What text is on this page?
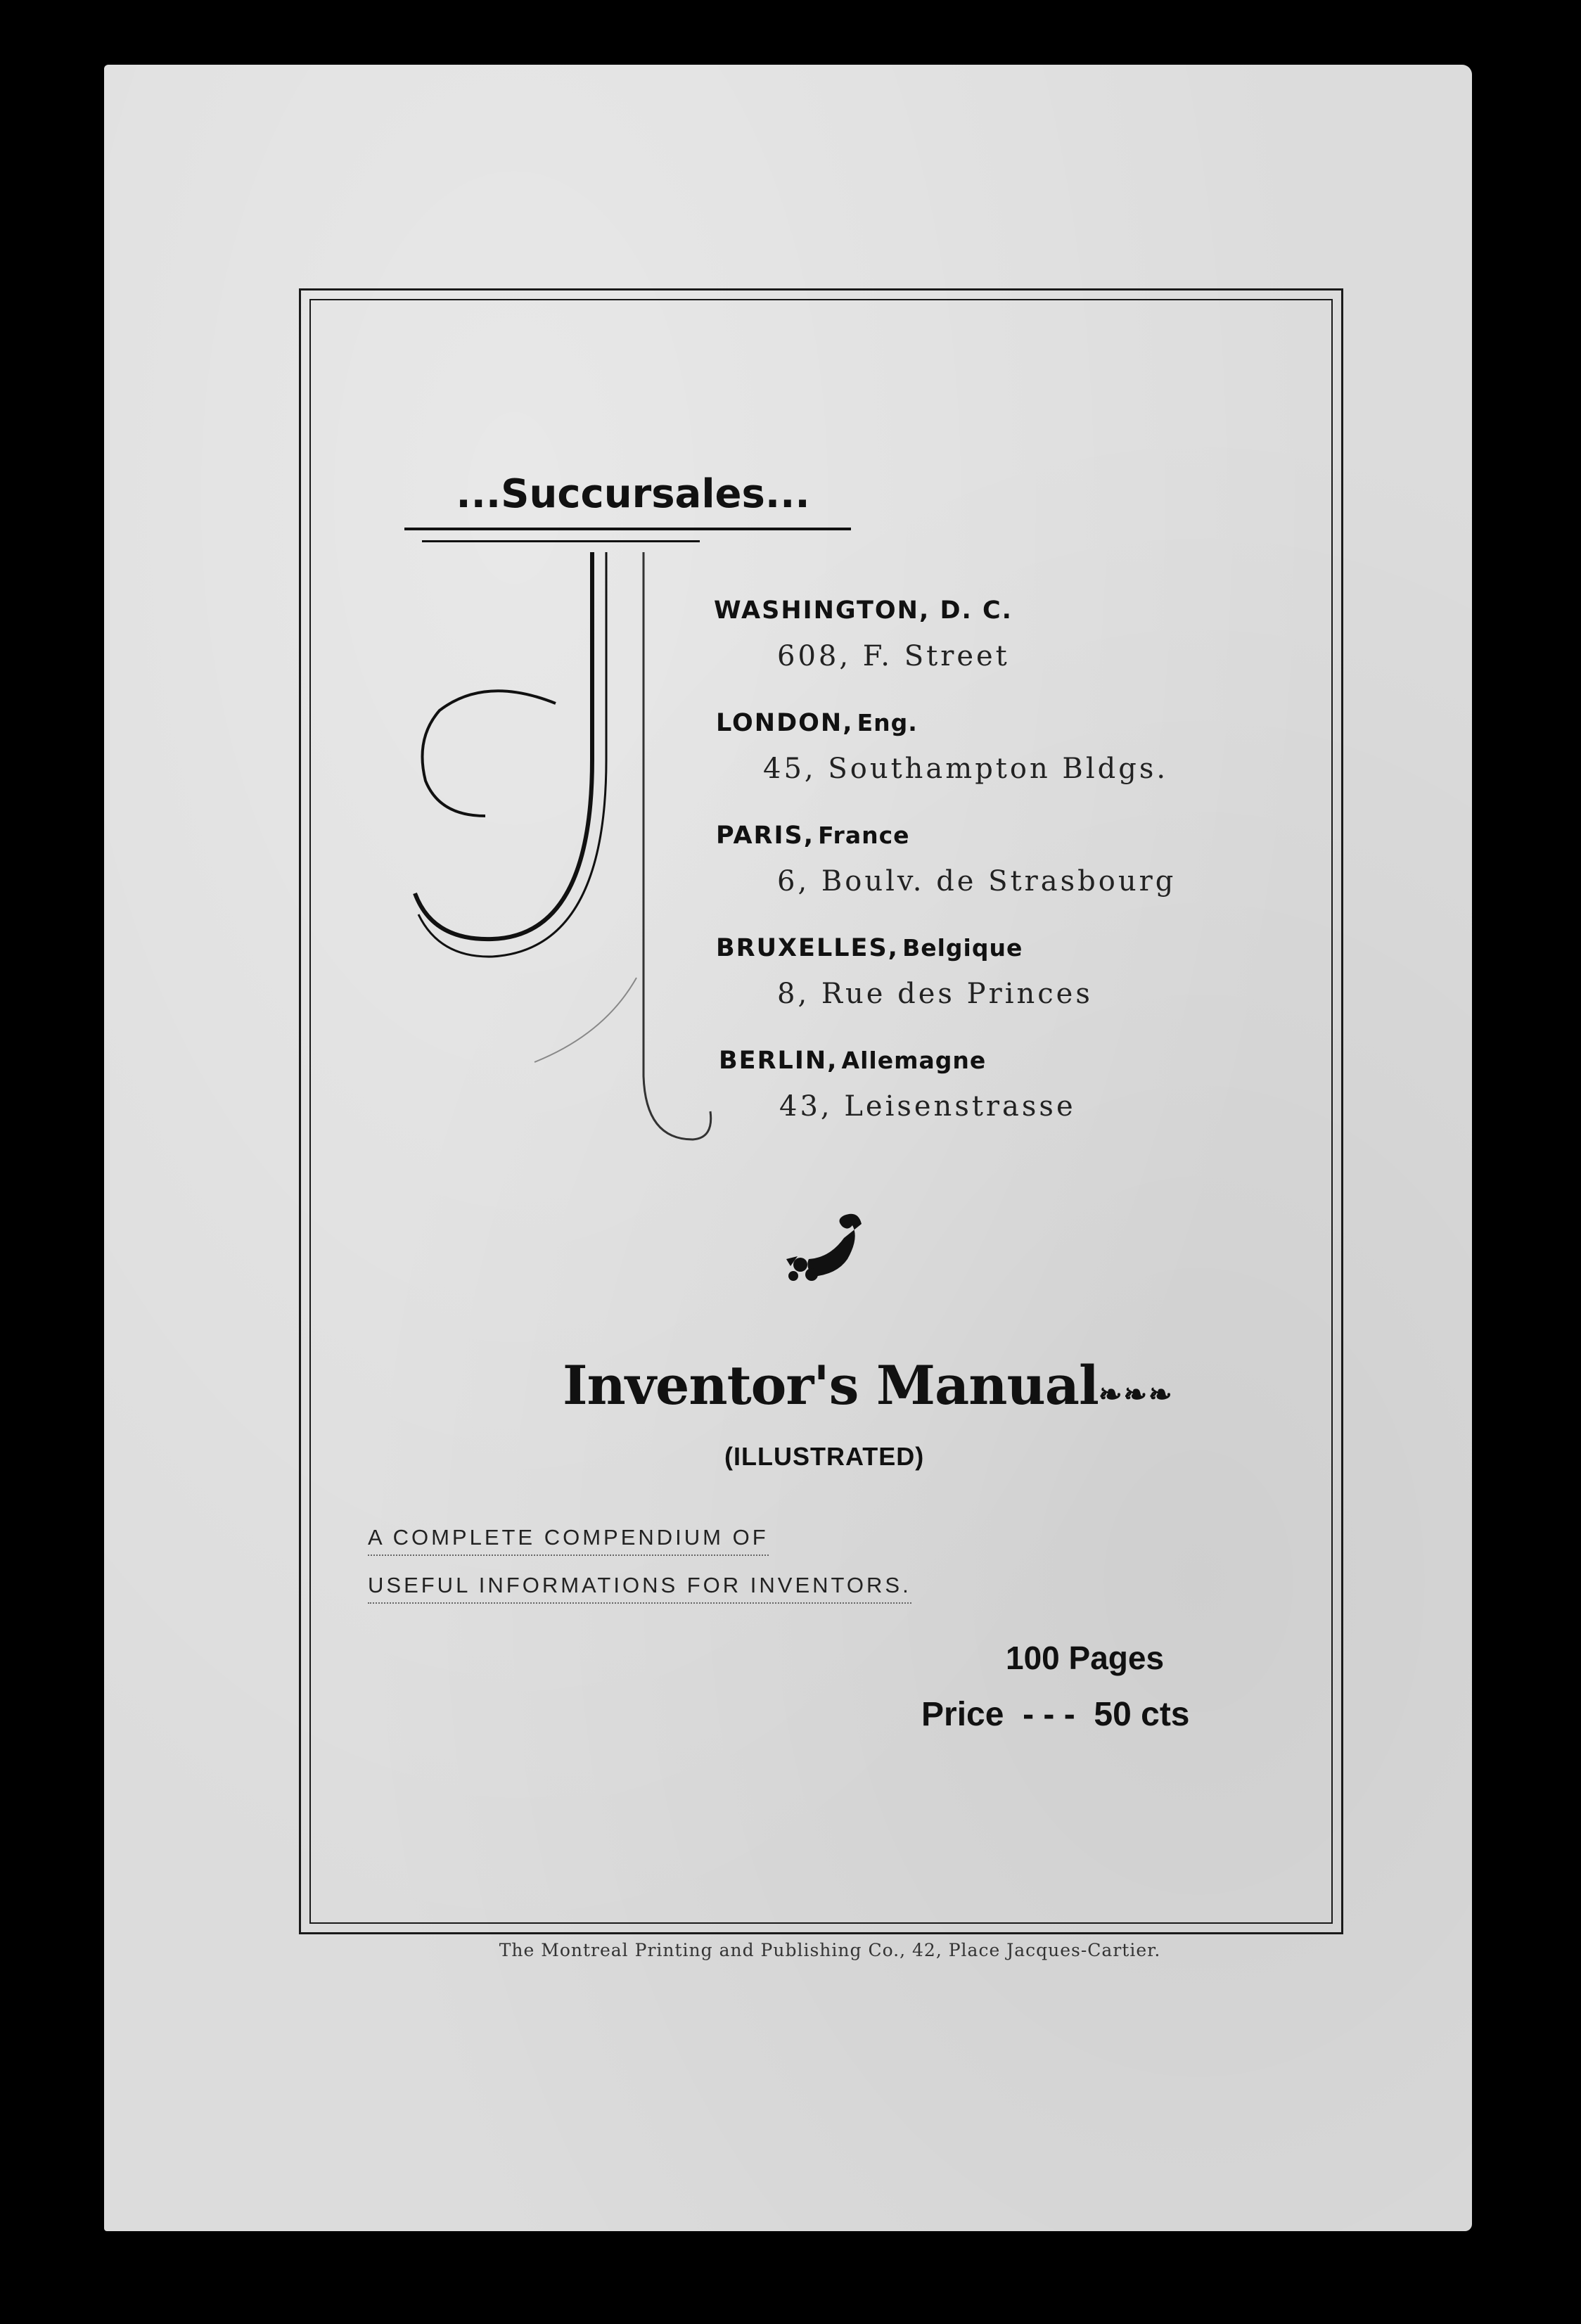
...Succursales...
WASHINGTON, D. C.
608, F. Street
LONDON, Eng.
45, Southampton Bldgs.
PARIS, France
6, Boulv. de Strasbourg
BRUXELLES, Belgique
8, Rue des Princes
BERLIN, Allemagne
43, Leisenstrasse
Inventor's Manual❧❧❧
(ILLUSTRATED)
A COMPLETE COMPENDIUM OF
USEFUL INFORMATIONS FOR INVENTORS.
100 Pages
Price - - - 50 cts
The Montreal Printing and Publishing Co., 42, Place Jacques-Cartier.
